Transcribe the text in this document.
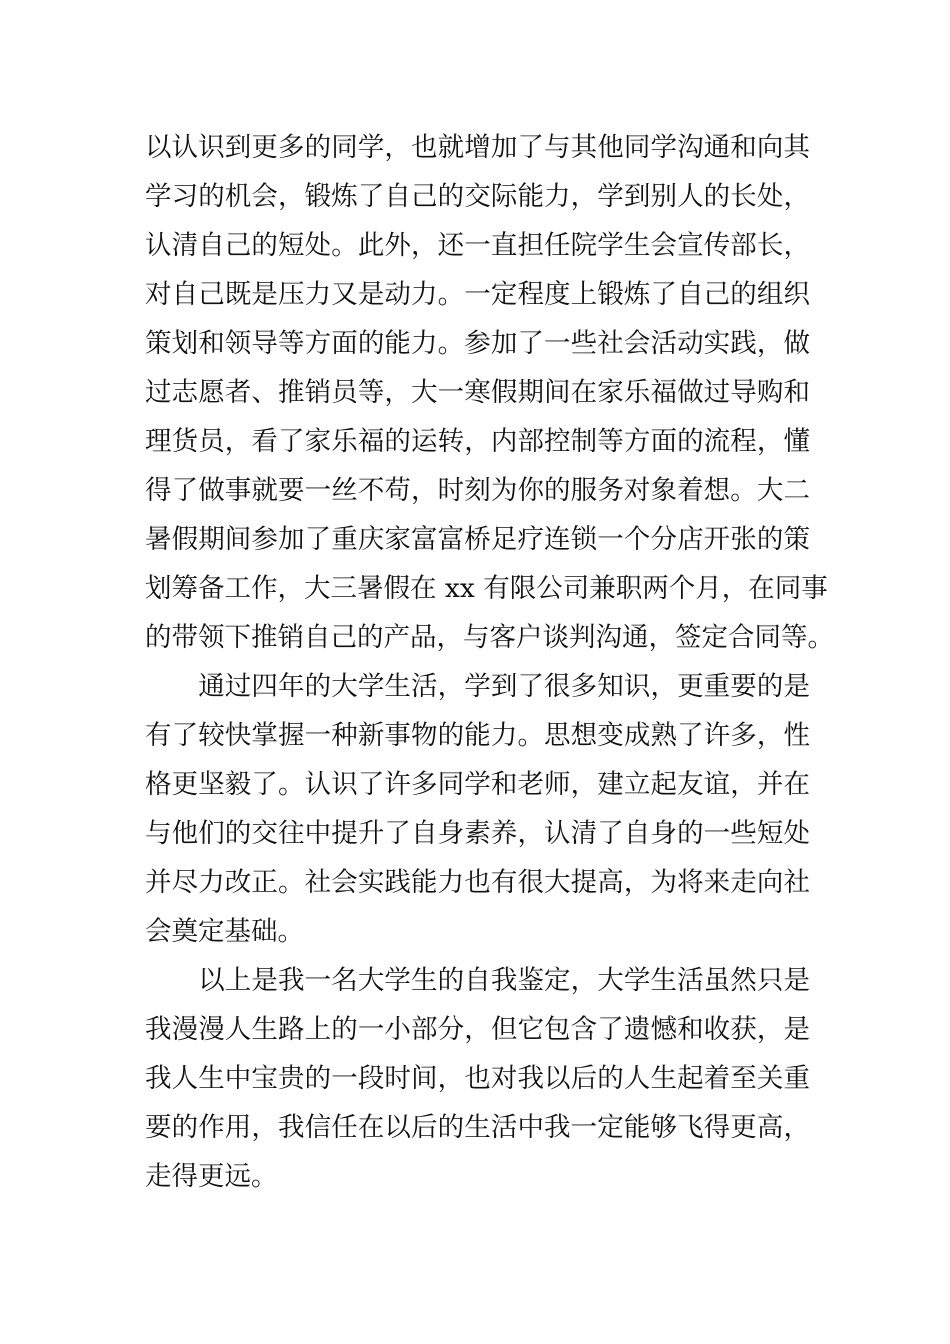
以认识到更多的同学，也就增加了与其他同学沟通和向其
学习的机会，锻炼了自己的交际能力，学到别人的长处，
认清自己的短处。此外，还一直担任院学生会宣传部长，
对自己既是压力又是动力。一定程度上锻炼了自己的组织
策划和领导等方面的能力。参加了一些社会活动实践，做
过志愿者、推销员等，大一寒假期间在家乐福做过导购和
理货员，看了家乐福的运转，内部控制等方面的流程，懂
得了做事就要一丝不苟，时刻为你的服务对象着想。大二
暑假期间参加了重庆家富富桥足疗连锁一个分店开张的策
划筹备工作，大三暑假在 xx 有限公司兼职两个月，在同事
的带领下推销自己的产品，与客户谈判沟通，签定合同等。
　　通过四年的大学生活，学到了很多知识，更重要的是
有了较快掌握一种新事物的能力。思想变成熟了许多，性
格更坚毅了。认识了许多同学和老师，建立起友谊，并在
与他们的交往中提升了自身素养，认清了自身的一些短处
并尽力改正。社会实践能力也有很大提高，为将来走向社
会奠定基础。
　　以上是我一名大学生的自我鉴定，大学生活虽然只是
我漫漫人生路上的一小部分，但它包含了遗憾和收获，是
我人生中宝贵的一段时间，也对我以后的人生起着至关重
要的作用，我信任在以后的生活中我一定能够飞得更高，
走得更远。
